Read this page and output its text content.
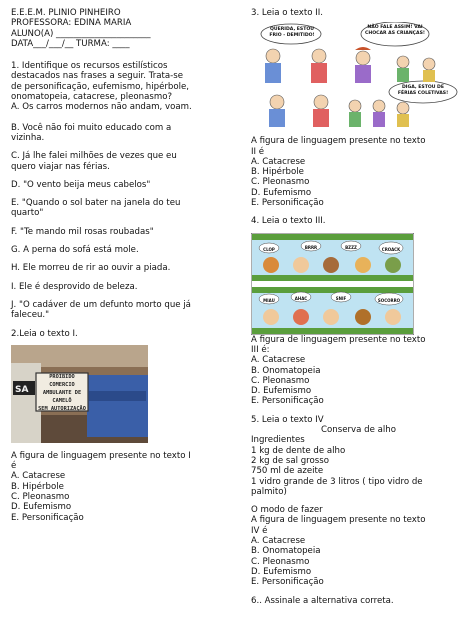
E.E.E.M. PLINIO PINHEIRO
PROFESSORA: EDINA MARIA
ALUNO(A) ______________________
DATA___/___/__ TURMA: ____
1. Identifique os recursos estilísticos
destacados nas frases a seguir. Trata-se
de personificação, eufemismo, hipérbole,
onomatopeia, catacrese, pleonasmo?
A. Os carros modernos não andam, voam.
B. Você não foi muito educado com a
vizinha.
C. Já lhe falei milhões de vezes que eu
quero viajar nas férias.
D. "O vento beija meus cabelos"
E. "Quando o sol bater na janela do teu
quarto"
F. "Te mando mil rosas roubadas"
G. A perna do sofá está mole.
H. Ele morreu de rir ao ouvir a piada.
I. Ele é desprovido de beleza.
J. "O cadáver de um defunto morto que já
faleceu."
2.Leia o texto I.
SA
PROIBIDO COMERCIO
AMBULANTE DE
CAMELÔ
SEM AUTORIZAÇÃO
A figura de linguagem presente no texto I
é
A. Catacrese
B. Hipérbole
C. Pleonasmo
D. Eufemismo
E. Personificação
3. Leia o texto II.
QUERIDA, ESTOU FRIO - DEMITIDO!
NÃO FALE ASSIM! VAI CHOCAR AS CRIANÇAS!
DIGA, ESTOU DE FÉRIAS COLETIVAS!
A figura de linguagem presente no texto
II é
A. Catacrese
B. Hipérbole
C. Pleonasmo
D. Eufemismo
E. Personificação
4. Leia o texto III.
CLOP	BRRR	BZZZ	CROACK
MIAU	AHAC	SNIF	SOCORRO
A figura de linguagem presente no texto
III é:
A. Catacrese
B. Onomatopeia
C. Pleonasmo
D. Eufemismo
E. Personificação
5. Leia o texto IV
Conserva de alho
Ingredientes
1 kg de dente de alho
2 kg de sal grosso
750 ml de azeite
1 vidro grande de 3 litros ( tipo vidro de
palmito)
O modo de fazer
A figura de linguagem presente no texto
IV é
A. Catacrese
B. Onomatopeia
C. Pleonasmo
D. Eufemismo
E. Personificação
6.. Assinale a alternativa correta.
